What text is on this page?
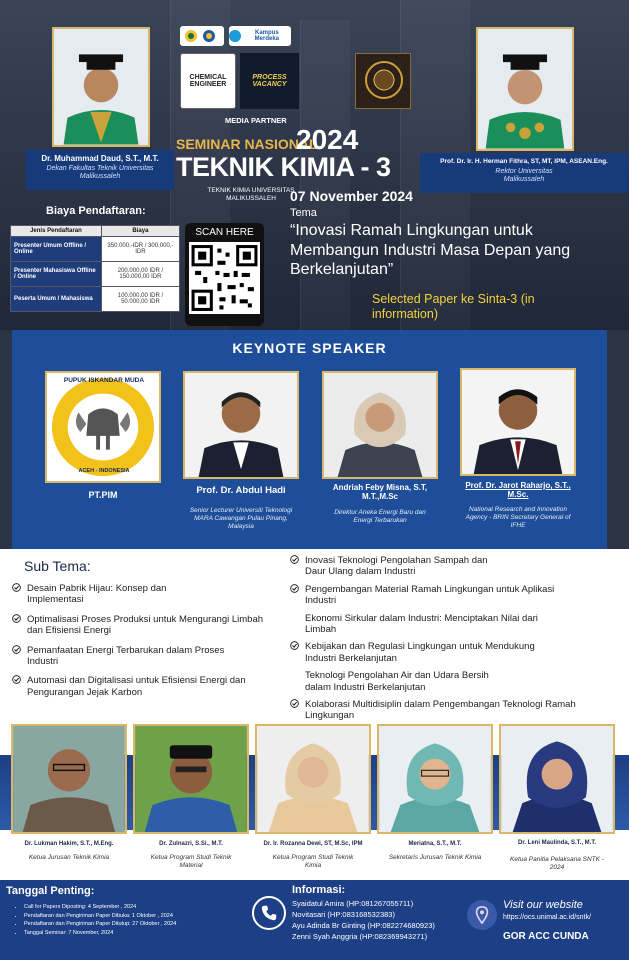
Dr. Muhammad Daud, S.T., M.T.
Dekan Fakultas Teknik Universitas Malikussaleh
Prof. Dr. Ir. H. Herman Fithra, ST, MT, IPM, ASEAN.Eng.
Rektor Universitas Malikussaleh
Kampus Merdeka
CHEMICAL ENGINEER
PROCESS VACANCY
MEDIA PARTNER
SEMINAR NASIONAL
2024
TEKNIK KIMIA - 3
TEKNIK KIMIA UNIVERSITAS MALIKUSSALEH	07 November 2024
Tema
“Inovasi Ramah Lingkungan untuk Membangun Industri Masa Depan yang Berkelanjutan”
Selected Paper ke Sinta-3 (in information)
Biaya Pendaftaran:
Jenis Pendaftaran	Biaya
Presenter Umum Offline / Online	350.000,-IDR / 300.000,-IDR
Presenter Mahasiswa Offline / Online	200.000,00 IDR / 150.000,00 IDR
Peserta Umum / Mahasiswa	100.000,00 IDR / 50.000,00 IDR
SCAN HERE
KEYNOTE SPEAKER
PUPUK ISKANDAR MUDA
ACEH - INDONESIA
PT.PIM	Prof. Dr. Abdul Hadi
Senior Lecturer Universiti Teknologi MARA Cawangan Pulau Pinang, Malaysia
Andriah Feby Misna, S.T, M.T.,M.Sc
Direktur Aneka Energi Baru dan Energi Terbarukan
Prof. Dr. Jarot Raharjo, S.T., M.Sc.
National Research and Innovation Agency - BRIN Secretary General of IFHE
Sub Tema:
Desain Pabrik Hijau: Konsep dan Implementasi
Optimalisasi Proses Produksi untuk Mengurangi Limbah dan Efisiensi Energi
Pemanfaatan Energi Terbarukan dalam Proses Industri
Automasi dan Digitalisasi untuk Efisiensi Energi dan Pengurangan Jejak Karbon
Inovasi Teknologi Pengolahan Sampah dan Daur Ulang dalam Industri
Pengembangan Material Ramah Lingkungan untuk Aplikasi Industri
Ekonomi Sirkular dalam Industri: Menciptakan Nilai dari Limbah
Kebijakan dan Regulasi Lingkungan untuk Mendukung Industri Berkelanjutan
Teknologi Pengolahan Air dan Udara Bersih dalam Industri Berkelanjutan
Kolaborasi Multidisiplin dalam Pengembangan Teknologi Ramah Lingkungan
Dr. Lukman Hakim, S.T., M.Eng.
Ketua Jurusan Teknik Kimia
Dr. Zulnazri, S.Si., M.T.
Ketua Program Studi Teknik Material
Dr. Ir. Rozanna Dewi, ST, M.Sc, IPM
Ketua Program Studi Teknik Kimia
Meriatna, S.T., M.T.
Sekretaris Jurusan Teknik Kimia
Dr. Leni Maulinda, S.T., M.T.
Ketua Panitia Pelaksana SNTK - 2024
Tanggal Penting:
• Call for Papers Diposting: 4 September , 2024
• Pendaftaran dan Pengiriman Paper Dibuka: 1 Oktober , 2024
• Pendaftaran dan Pengiriman Paper Ditutup: 27 Oktober , 2024
• Tanggal Seminar: 7 November, 2024
Informasi:
Syaidatul Amira (HP:081267055711)
Novitasari (HP:083168532383)
Ayu Adinda Br Ginting (HP:082274680923)
Zenni Syah Anggria (HP:082369943271)
Visit our website
https://ocs.unimal.ac.id/sntk/
GOR ACC CUNDA
